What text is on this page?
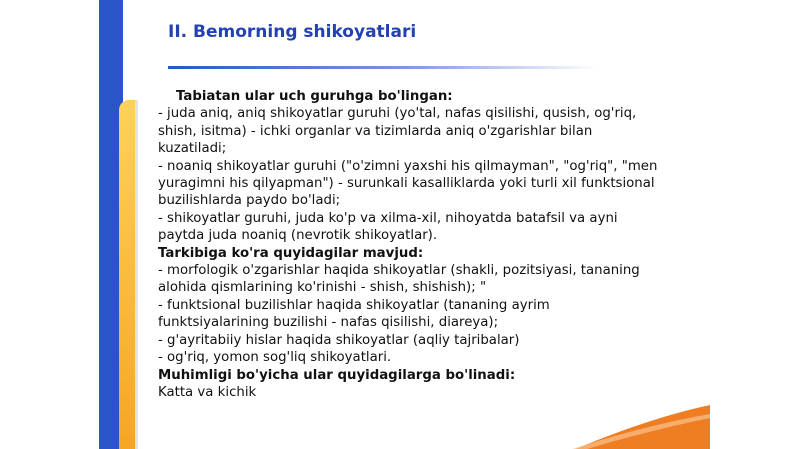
II. Bemorning shikoyatlari
Tabiatan ular uch guruhga bo'lingan:
- juda aniq, aniq shikoyatlar guruhi (yo'tal, nafas qisilishi, qusish, og'riq,
shish, isitma) - ichki organlar va tizimlarda aniq o'zgarishlar bilan
kuzatiladi;
- noaniq shikoyatlar guruhi ("o'zimni yaxshi his qilmayman", "og'riq", "men
yuragimni his qilyapman") - surunkali kasalliklarda yoki turli xil funktsional
buzilishlarda paydo bo'ladi;
- shikoyatlar guruhi, juda ko'p va xilma-xil, nihoyatda batafsil va ayni
paytda juda noaniq (nevrotik shikoyatlar).
Tarkibiga ko'ra quyidagilar mavjud:
- morfologik o'zgarishlar haqida shikoyatlar (shakli, pozitsiyasi, tananing
alohida qismlarining ko'rinishi - shish, shishish); "
- funktsional buzilishlar haqida shikoyatlar (tananing ayrim
funktsiyalarining buzilishi - nafas qisilishi, diareya);
- g'ayritabiiy hislar haqida shikoyatlar (aqliy tajribalar)
- og'riq, yomon sog'liq shikoyatlari.
Muhimligi bo'yicha ular quyidagilarga bo'linadi:
Katta va kichik
